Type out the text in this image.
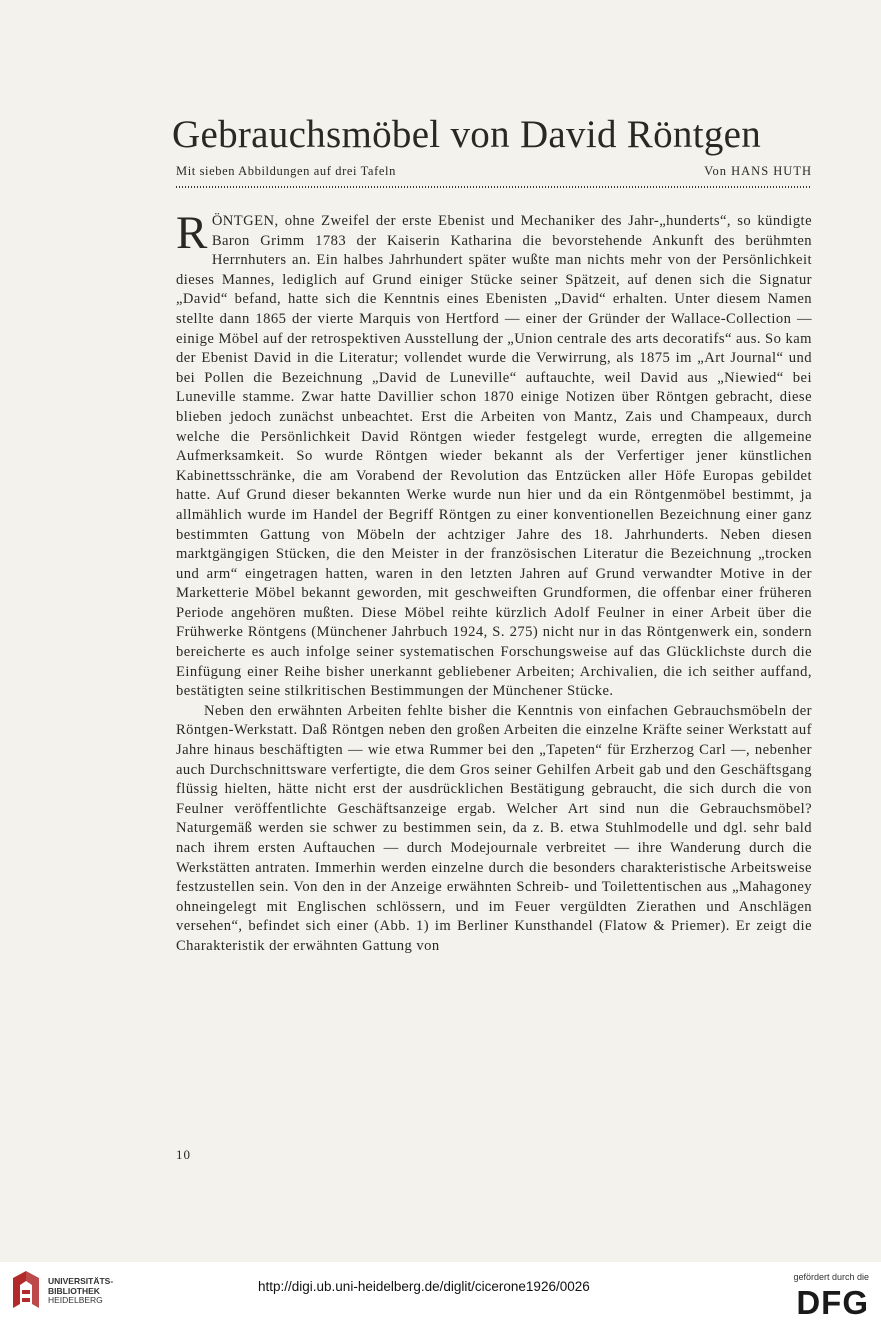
Gebrauchsmöbel von David Röntgen
Mit sieben Abbildungen auf drei Tafeln	Von HANS HUTH

RÖNTGEN, ohne Zweifel der erste Ebenist und Mechaniker des Jahr-„hunderts“, so kündigte Baron Grimm 1783 der Kaiserin Katharina die bevorstehende Ankunft des berühmten Herrnhuters an. Ein halbes Jahrhundert später wußte man nichts mehr von der Persönlichkeit dieses Mannes, lediglich auf Grund einiger Stücke seiner Spätzeit, auf denen sich die Signatur „David“ befand, hatte sich die Kenntnis eines Ebenisten „David“ erhalten. Unter diesem Namen stellte dann 1865 der vierte Marquis von Hertford — einer der Gründer der Wallace-Collection — einige Möbel auf der retrospektiven Ausstellung der „Union centrale des arts decoratifs“ aus. So kam der Ebenist David in die Literatur; vollendet wurde die Verwirrung, als 1875 im „Art Journal“ und bei Pollen die Bezeichnung „David de Luneville“ auftauchte, weil David aus „Niewied“ bei Luneville stamme. Zwar hatte Davillier schon 1870 einige Notizen über Röntgen gebracht, diese blieben jedoch zunächst unbeachtet. Erst die Arbeiten von Mantz, Zais und Champeaux, durch welche die Persönlichkeit David Röntgen wieder festgelegt wurde, erregten die allgemeine Aufmerksamkeit. So wurde Röntgen wieder bekannt als der Verfertiger jener künstlichen Kabinettsschränke, die am Vorabend der Revolution das Entzücken aller Höfe Europas gebildet hatte. Auf Grund dieser bekannten Werke wurde nun hier und da ein Röntgenmöbel bestimmt, ja allmählich wurde im Handel der Begriff Röntgen zu einer konventionellen Bezeichnung einer ganz bestimmten Gattung von Möbeln der achtziger Jahre des 18. Jahrhunderts. Neben diesen marktgängigen Stücken, die den Meister in der französischen Literatur die Bezeichnung „trocken und arm“ eingetragen hatten, waren in den letzten Jahren auf Grund verwandter Motive in der Marketterie Möbel bekannt geworden, mit geschweiften Grundformen, die offenbar einer früheren Periode angehören mußten. Diese Möbel reihte kürzlich Adolf Feulner in einer Arbeit über die Frühwerke Röntgens (Münchener Jahrbuch 1924, S. 275) nicht nur in das Röntgenwerk ein, sondern bereicherte es auch infolge seiner systematischen Forschungsweise auf das Glücklichste durch die Einfügung einer Reihe bisher unerkannt gebliebener Arbeiten; Archivalien, die ich seither auffand, bestätigten seine stilkritischen Bestimmungen der Münchener Stücke.

Neben den erwähnten Arbeiten fehlte bisher die Kenntnis von einfachen Gebrauchsmöbeln der Röntgen-Werkstatt. Daß Röntgen neben den großen Arbeiten die einzelne Kräfte seiner Werkstatt auf Jahre hinaus beschäftigten — wie etwa Rummer bei den „Tapeten“ für Erzherzog Carl —, nebenher auch Durchschnittsware verfertigte, die dem Gros seiner Gehilfen Arbeit gab und den Geschäftsgang flüssig hielten, hätte nicht erst der ausdrücklichen Bestätigung gebraucht, die sich durch die von Feulner veröffentlichte Geschäftsanzeige ergab. Welcher Art sind nun die Gebrauchsmöbel? Naturgemäß werden sie schwer zu bestimmen sein, da z. B. etwa Stuhlmodelle und dgl. sehr bald nach ihrem ersten Auftauchen — durch Modejournale verbreitet — ihre Wanderung durch die Werkstätten antraten. Immerhin werden einzelne durch die besonders charakteristische Arbeitsweise festzustellen sein. Von den in der Anzeige erwähnten Schreib- und Toilettentischen aus „Mahagoney ohneingelegt mit Englischen schlössern, und im Feuer vergüldten Zierathen und Anschlägen versehen“, befindet sich einer (Abb. 1) im Berliner Kunsthandel (Flatow & Priemer). Er zeigt die Charakteristik der erwähnten Gattung von

10
UNIVERSITÄTS-
BIBLIOTHEK
HEIDELBERG
http://digi.ub.uni-heidelberg.de/diglit/cicerone1926/0026
gefördert durch die
DFG
